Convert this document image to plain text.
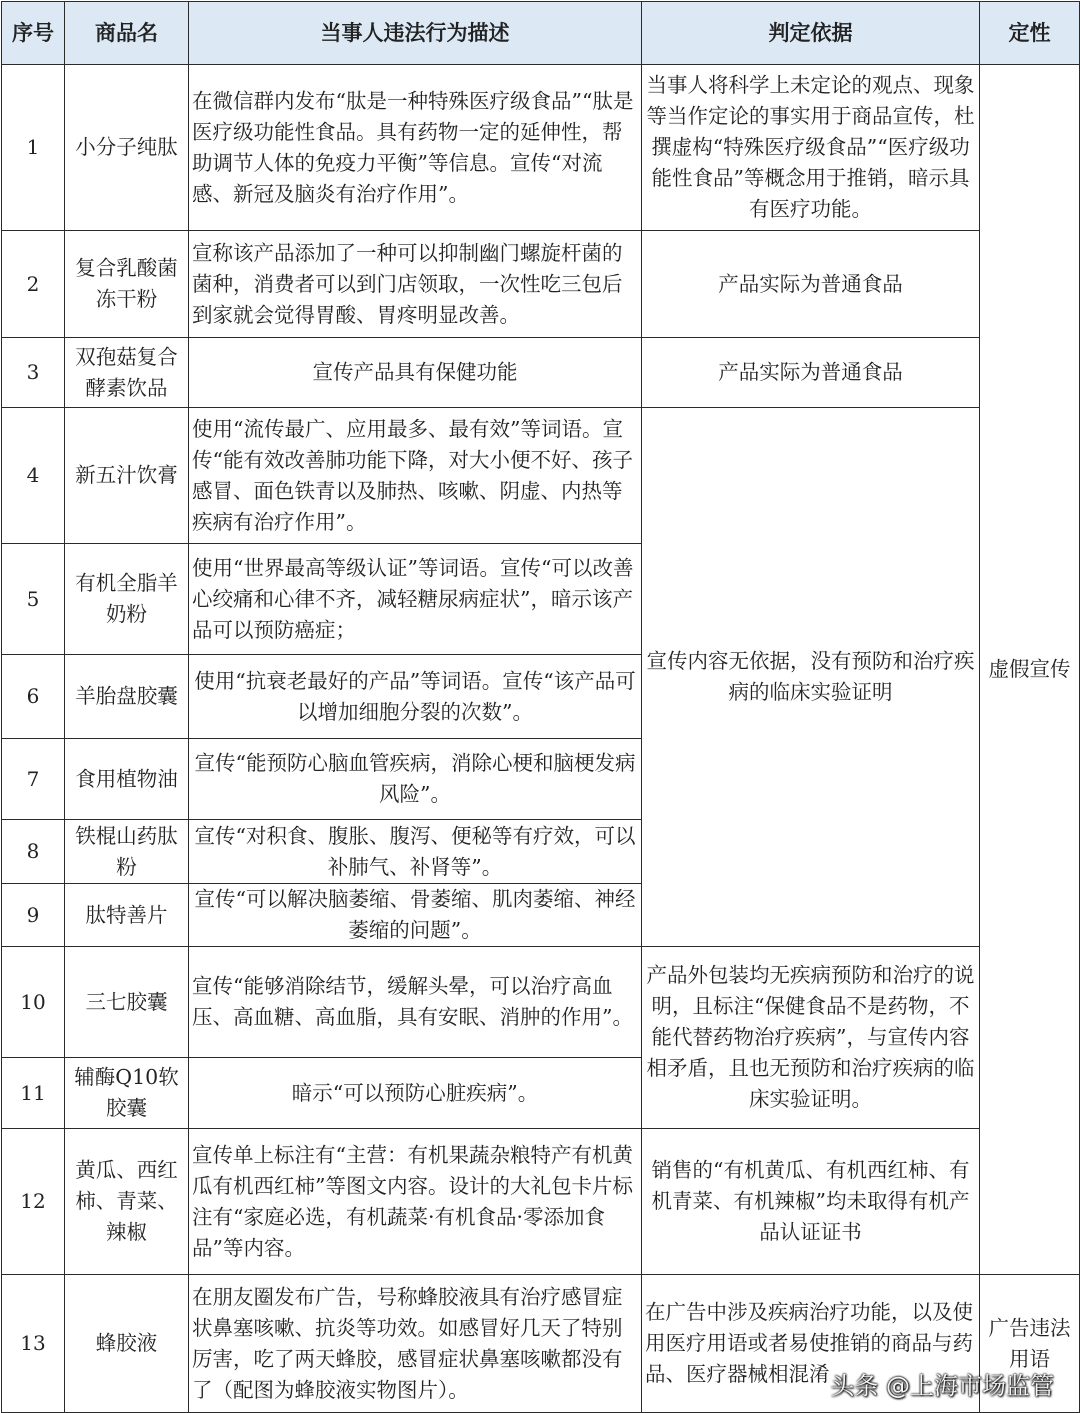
序号	商品名	当事人违法行为描述	判定依据	定性
1	小分子纯肽	在微信群内发布“肽是一种特殊医疗级食品”“肽是医疗级功能性食品。具有药物一定的延伸性，帮助调节人体的免疫力平衡”等信息。宣传“对流感、新冠及脑炎有治疗作用”。	当事人将科学上未定论的观点、现象等当作定论的事实用于商品宣传，杜撰虚构“特殊医疗级食品”“医疗级功能性食品”等概念用于推销，暗示具有医疗功能。	虚假宣传
2	复合乳酸菌冻干粉	宣称该产品添加了一种可以抑制幽门螺旋杆菌的菌种，消费者可以到门店领取，一次性吃三包后到家就会觉得胃酸、胃疼明显改善。	产品实际为普通食品	
3	双孢菇复合酵素饮品	宣传产品具有保健功能	产品实际为普通食品	
4	新五汁饮膏	使用“流传最广、应用最多、最有效”等词语。宣传“能有效改善肺功能下降，对大小便不好、孩子感冒、面色铁青以及肺热、咳嗽、阴虚、内热等疾病有治疗作用”。	宣传内容无依据，没有预防和治疗疾病的临床实验证明	
5	有机全脂羊奶粉	使用“世界最高等级认证”等词语。宣传“可以改善心绞痛和心律不齐，减轻糖尿病症状”，暗示该产品可以预防癌症；		
6	羊胎盘胶囊	使用“抗衰老最好的产品”等词语。宣传“该产品可以增加细胞分裂的次数”。		
7	食用植物油	宣传“能预防心脑血管疾病，消除心梗和脑梗发病风险”。		
8	铁棍山药肽粉	宣传“对积食、腹胀、腹泻、便秘等有疗效，可以补肺气、补肾等”。		
9	肽特善片	宣传“可以解决脑萎缩、骨萎缩、肌肉萎缩、神经萎缩的问题”。		
10	三七胶囊	宣传“能够消除结节，缓解头晕，可以治疗高血压、高血糖、高血脂，具有安眠、消肿的作用”。	产品外包装均无疾病预防和治疗的说明，且标注“保健食品不是药物，不能代替药物治疗疾病”，与宣传内容相矛盾，且也无预防和治疗疾病的临床实验证明。	
11	辅酶Q10软胶囊	暗示“可以预防心脏疾病”。		
12	黄瓜、西红柿、青菜、辣椒	宣传单上标注有“主营：有机果蔬杂粮特产有机黄瓜有机西红柿”等图文内容。设计的大礼包卡片标注有“家庭必选，有机蔬菜·有机食品·零添加食品”等内容。	销售的“有机黄瓜、有机西红柿、有机青菜、有机辣椒”均未取得有机产品认证证书	
13	蜂胶液	在朋友圈发布广告，号称蜂胶液具有治疗感冒症状鼻塞咳嗽、抗炎等功效。如感冒好几天了特别厉害，吃了两天蜂胶，感冒症状鼻塞咳嗽都没有了（配图为蜂胶液实物图片）。	在广告中涉及疾病治疗功能，以及使用医疗用语或者易使推销的商品与药品、医疗器械相混淆	广告违法用语
头条 @上海市场监管
